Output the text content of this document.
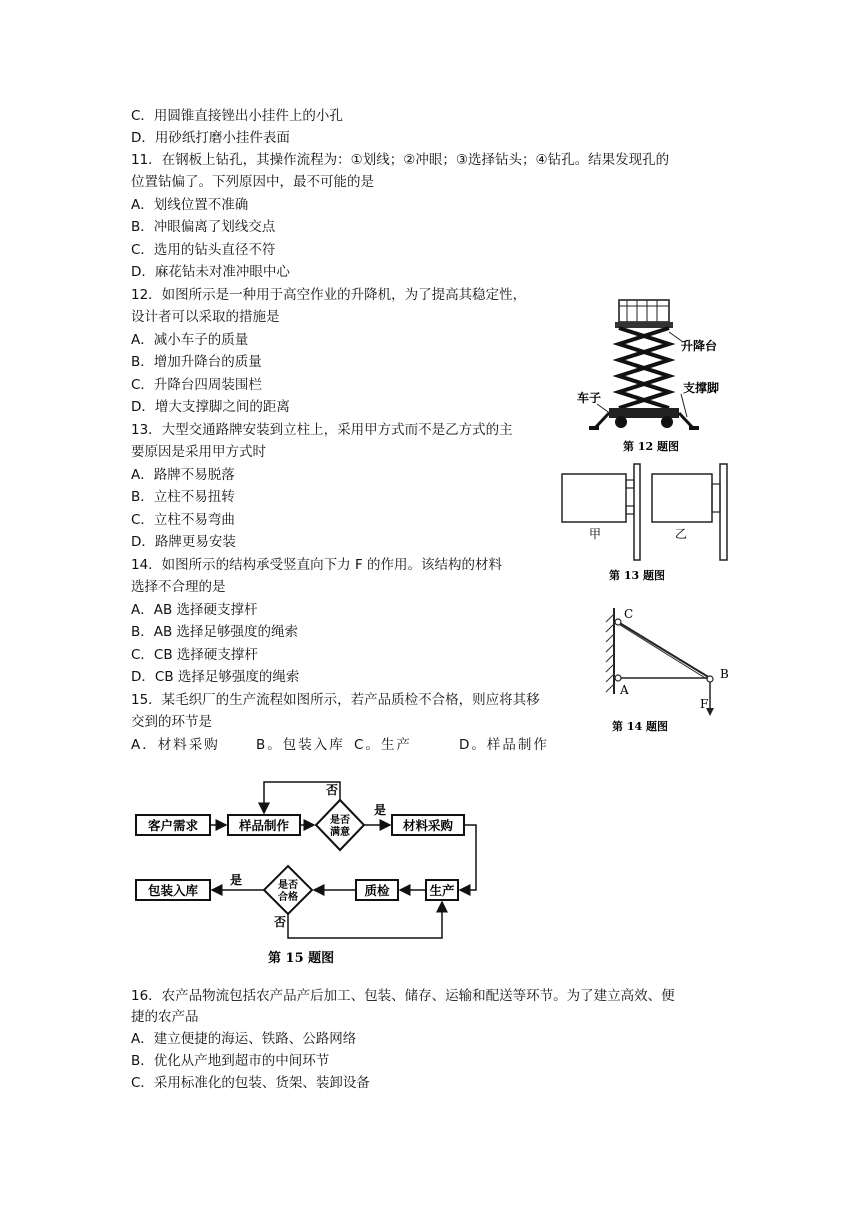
C．用圆锥直接锉出小挂件上的小孔
D．用砂纸打磨小挂件表面
11．在钢板上钻孔，其操作流程为：①划线；②冲眼；③选择钻头；④钻孔。结果发现孔的
位置钻偏了。下列原因中，最不可能的是
A．划线位置不准确
B．冲眼偏离了划线交点
C．选用的钻头直径不符
D．麻花钻未对准冲眼中心
12．如图所示是一种用于高空作业的升降机，为了提高其稳定性，
设计者可以采取的措施是
A．减小车子的质量
B．增加升降台的质量
C．升降台四周装围栏
D．增大支撑脚之间的距离
13．大型交通路牌安装到立柱上，采用甲方式而不是乙方式的主
要原因是采用甲方式时
A．路牌不易脱落
B．立柱不易扭转
C．立柱不易弯曲
D．路牌更易安装
14．如图所示的结构承受竖直向下力 F 的作用。该结构的材料
选择不合理的是
A．AB 选择硬支撑杆
B．AB 选择足够强度的绳索
C．CB 选择硬支撑杆
D．CB 选择足够强度的绳索
15．某毛织厂的生产流程如图所示，若产品质检不合格，则应将其移
交到的环节是
A．材料采购	B。包装入库 C。生产	D。样品制作
16．农产品物流包括农产品产后加工、包装、储存、运输和配送等环节。为了建立高效、便
捷的农产品
A．建立便捷的海运、铁路、公路网络
B．优化从产地到超市的中间环节
C．采用标准化的包装、货架、装卸设备
升降台
支撑脚
车子
第 12 题图
甲	乙
第 13 题图
C
A
B
F
第 14 题图
客户需求	样品制作	是否
满意	材料采购
否
是
生产
质检
是否
合格
包装入库
是
否
第 15 题图
